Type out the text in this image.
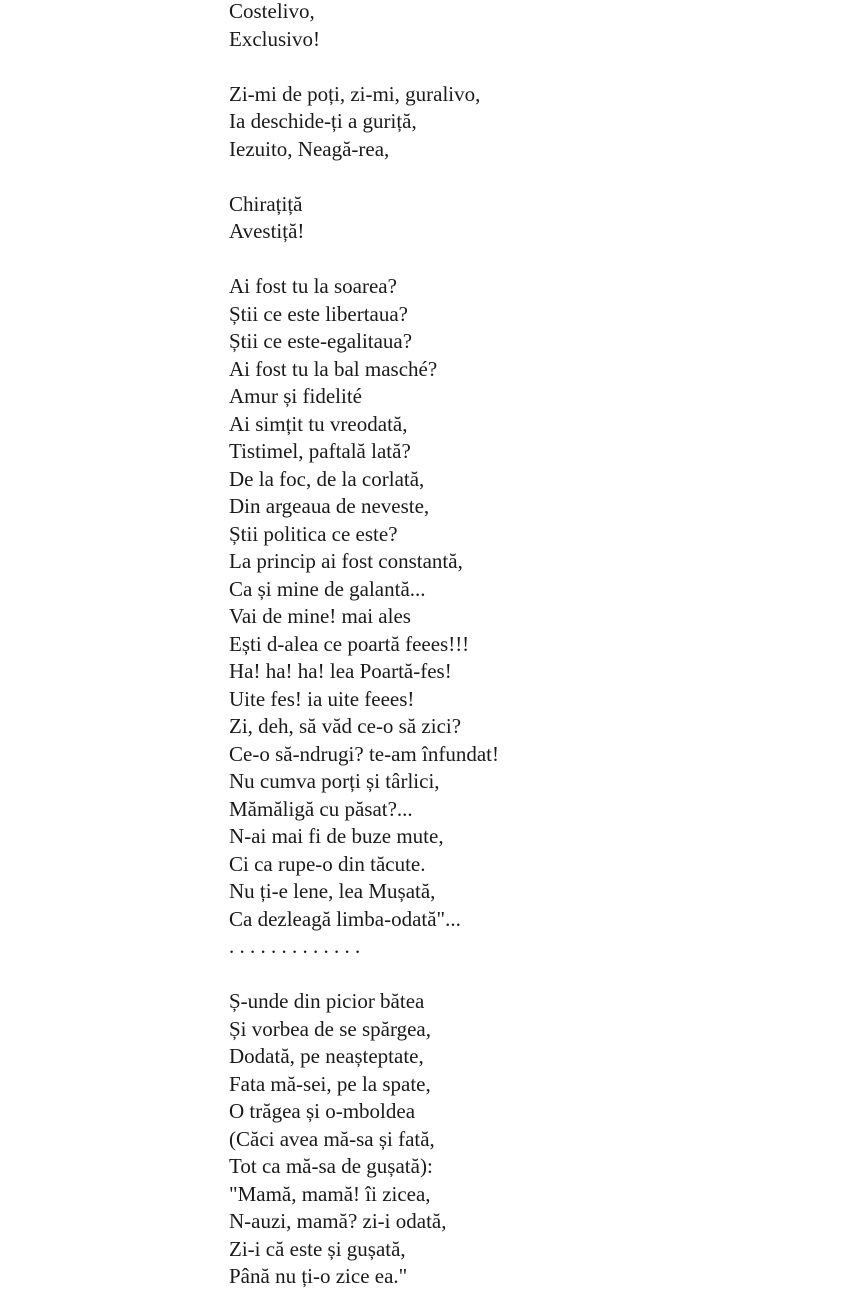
Costelivo,
Exclusivo!
Zi-mi de poți, zi-mi, guralivo,
Ia deschide-ți a guriță,
Iezuito, Neagă-rea,
Chirațiță
Avestiță!
Ai fost tu la soarea?
Știi ce este libertaua?
Știi ce este-egalitaua?
Ai fost tu la bal masché?
Amur și fidelité
Ai simțit tu vreodată,
Tistimel, paftală lată?
De la foc, de la corlată,
Din argeaua de neveste,
Știi politica ce este?
La princip ai fost constantă,
Ca și mine de galantă...
Vai de mine! mai ales
Ești d-alea ce poartă feees!!!
Ha! ha! ha! lea Poartă-fes!
Uite fes! ia uite feees!
Zi, deh, să văd ce-o să zici?
Ce-o să-ndrugi? te-am înfundat!
Nu cumva porți și târlici,
Mămăligă cu păsat?...
N-ai mai fi de buze mute,
Ci ca rupe-o din tăcute.
Nu ți-e lene, lea Mușată,
Ca dezleagă limba-odată"...
. . . . . . . . . . . . .
Ș-unde din picior bătea
Și vorbea de se spărgea,
Dodată, pe neașteptate,
Fata mă-sei, pe la spate,
O trăgea și o-mboldea
(Căci avea mă-sa și fată,
Tot ca mă-sa de gușată):
"Mamă, mamă! îi zicea,
N-auzi, mamă? zi-i odată,
Zi-i că este și gușată,
Până nu ți-o zice ea."
